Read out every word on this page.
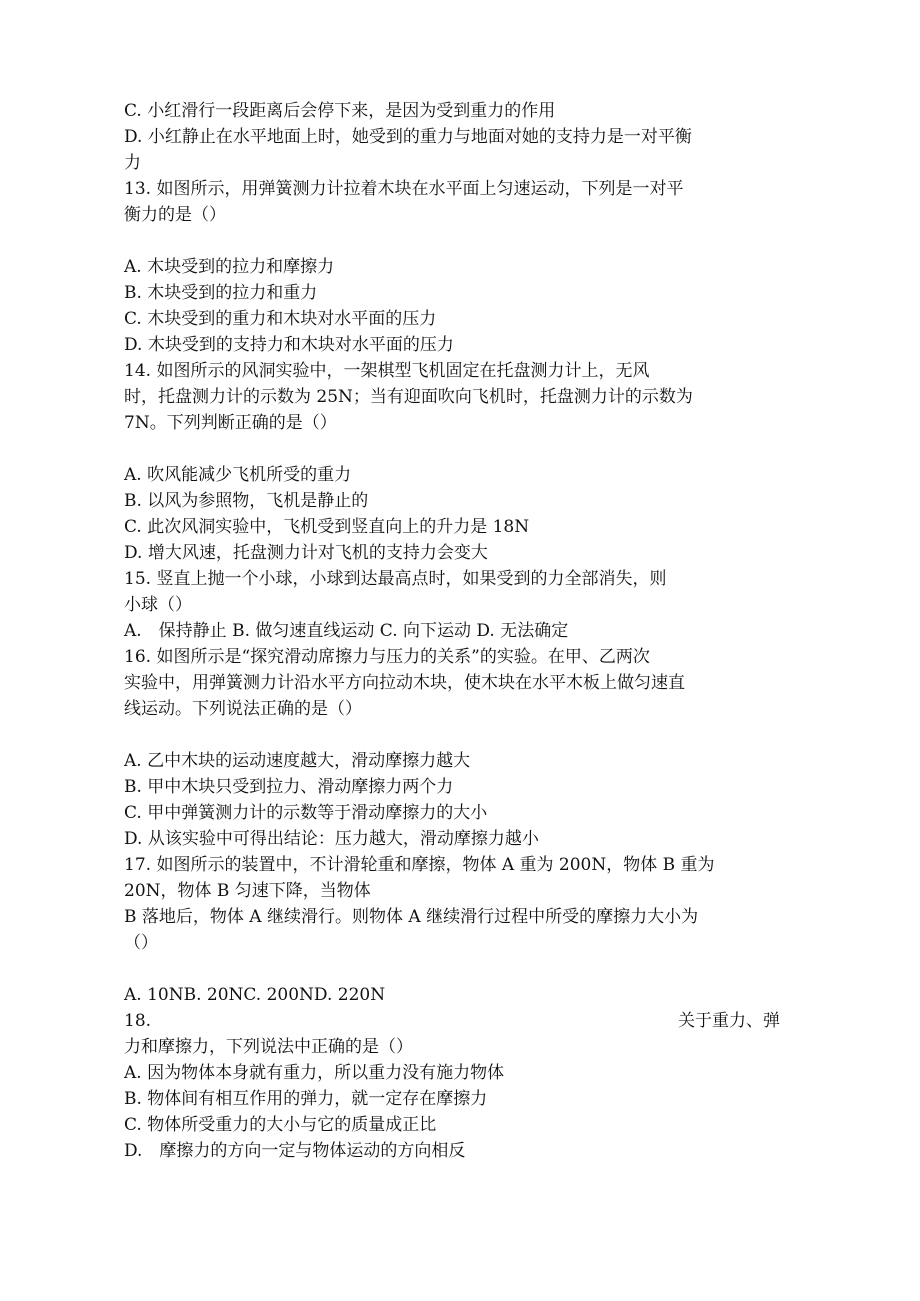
C. 小红滑行一段距离后会停下来，是因为受到重力的作用
D. 小红静止在水平地面上时，她受到的重力与地面对她的支持力是一对平衡
力
13. 如图所示，用弹簧测力计拉着木块在水平面上匀速运动，下列是一对平
衡力的是（）
A. 木块受到的拉力和摩擦力
B. 木块受到的拉力和重力
C. 木块受到的重力和木块对水平面的压力
D. 木块受到的支持力和木块对水平面的压力
14. 如图所示的风洞实验中，一架棋型飞机固定在托盘测力计上，无风
时，托盘测力计的示数为 25N；当有迎面吹向飞机时，托盘测力计的示数为
7N。下列判断正确的是（）
A. 吹风能减少飞机所受的重力
B. 以风为参照物，飞机是静止的
C. 此次风洞实验中，飞机受到竖直向上的升力是 18N
D. 增大风速，托盘测力计对飞机的支持力会变大
15. 竖直上抛一个小球，小球到达最高点时，如果受到的力全部消失，则
小球（）
A.　保持静止 B. 做匀速直线运动 C. 向下运动 D. 无法确定
16. 如图所示是“探究滑动席擦力与压力的关系”的实验。在甲、乙两次
实验中，用弹簧测力计沿水平方向拉动木块，使木块在水平木板上做匀速直
线运动。下列说法正确的是（）
A. 乙中木块的运动速度越大，滑动摩擦力越大
B. 甲中木块只受到拉力、滑动摩擦力两个力
C. 甲中弹簧测力计的示数等于滑动摩擦力的大小
D. 从该实验中可得出结论：压力越大，滑动摩擦力越小
17. 如图所示的装置中，不计滑轮重和摩擦，物体 A 重为 200N，物体 B 重为
20N，物体 B 匀速下降，当物体
B 落地后，物体 A 继续滑行。则物体 A 继续滑行过程中所受的摩擦力大小为
（）
A. 10NB. 20NC. 200ND. 220N
18.	关于重力、弹
力和摩擦力，下列说法中正确的是（）
A. 因为物体本身就有重力，所以重力没有施力物体
B. 物体间有相互作用的弹力，就一定存在摩擦力
C. 物体所受重力的大小与它的质量成正比
D.　摩擦力的方向一定与物体运动的方向相反
